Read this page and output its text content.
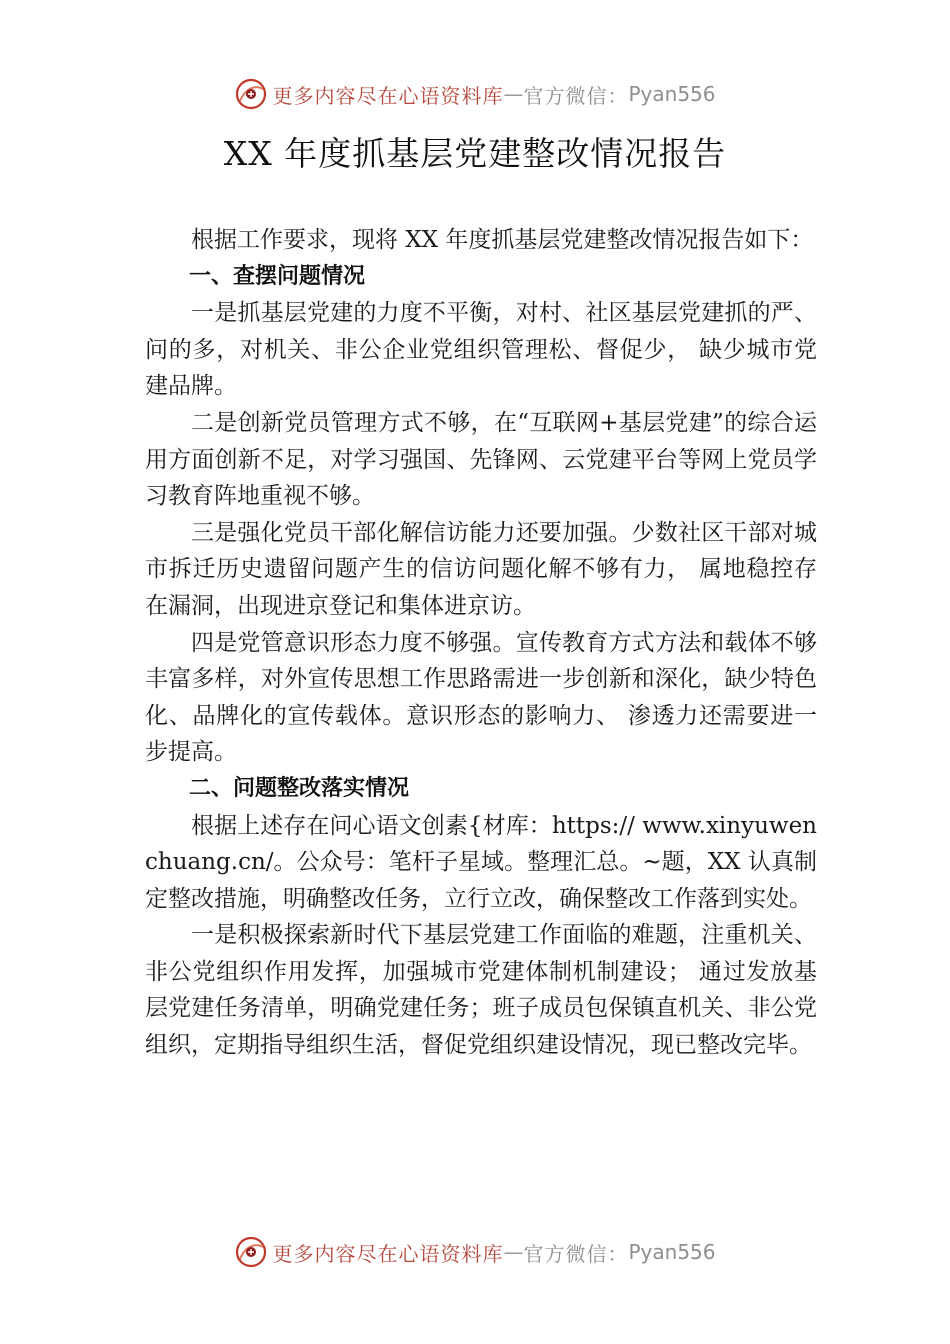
更多内容尽在心语资料库 — 官方微信： Pyan556
XX 年度抓基层党建整改情况报告

根据工作要求，现将 XX 年度抓基层党建整改情况报告如下：

一、查摆问题情况

一是抓基层党建的力度不平衡，对村、社区基层党建抓的严、问的多，对机关、非公企业党组织管理松、督促少， 缺少城市党建品牌。

二是创新党员管理方式不够，在“互联网+基层党建”的综合运用方面创新不足，对学习强国、先锋网、云党建平台等网上党员学习教育阵地重视不够。

三是强化党员干部化解信访能力还要加强。少数社区干部对城市拆迁历史遗留问题产生的信访问题化解不够有力， 属地稳控存在漏洞，出现进京登记和集体进京访。

四是党管意识形态力度不够强。宣传教育方式方法和载体不够丰富多样，对外宣传思想工作思路需进一步创新和深化，缺少特色化、品牌化的宣传载体。意识形态的影响力、 渗透力还需要进一步提高。

二、问题整改落实情况

根据上述存在问心语文创素{材库：https:// www.xinyuwenchuang.cn/。公众号：笔杆子星域。整理汇总。~题，XX 认真制定整改措施，明确整改任务，立行立改，确保整改工作落到实处。

一是积极探索新时代下基层党建工作面临的难题，注重机关、非公党组织作用发挥，加强城市党建体制机制建设； 通过发放基层党建任务清单，明确党建任务；班子成员包保镇直机关、非公党组织，定期指导组织生活，督促党组织建设情况，现已整改完毕。

更多内容尽在心语资料库 — 官方微信： Pyan556
